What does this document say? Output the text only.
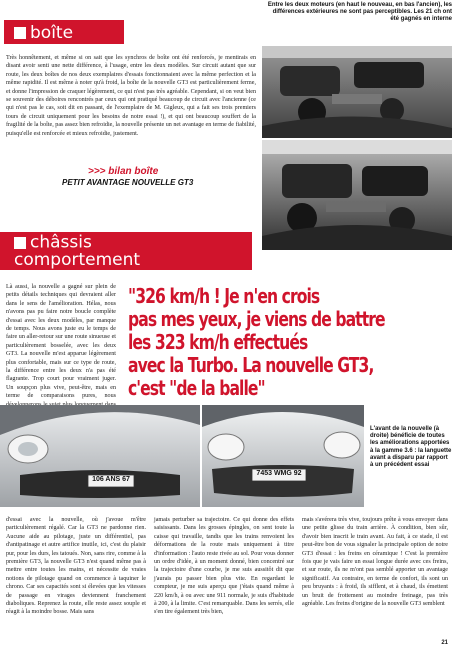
boîte
Très honnêtement, et même si on sait que les synchros de boîte ont été renforcés, je mentirais en disant avoir senti une nette différence, à l'usage, entre les deux modèles. Sur circuit autant que sur route, les deux boîtes de nos deux exemplaires d'essais fonctionnaient avec la même perfection et la même rapidité. Il est même à noter qu'à froid, la boîte de la nouvelle GT3 est particulièrement ferme, et donne l'impression de craquer légèrement, ce qui n'est pas très agréable. Cependant, si on veut bien se souvenir des déboires rencontrés par ceux qui ont pratiqué beaucoup de circuit avec l'ancienne (ce qui n'est pas le cas, soit dit en passant, de l'exemplaire de M. Gigleux, qui a fait ses trois premiers tours de circuit uniquement pour les besoins de notre essai !), et qui ont beaucoup souffert de la fragilité de la boîte, pas assez bien refroidie, la nouvelle présente un net avantage en terme de fiabilité, puisqu'elle est renforcée et mieux refroidie, justement.
>>> bilan boîte
PETIT AVANTAGE NOUVELLE GT3
Entre les deux moteurs (en haut le nouveau, en bas l'ancien), les différences extérieures ne sont pas perceptibles. Les 21 ch ont été gagnés en interne
châssis
comportement
Là aussi, la nouvelle a gagné sur plein de petits détails techniques qui devraient aller dans le sens de l'amélioration. Hélas, nous n'avons pas pu faire notre boucle complète d'essai avec les deux modèles, par manque de temps. Nous avons juste eu le temps de faire un aller-retour sur une route sinueuse et particulièrement bosselée, avec les deux GT3. La nouvelle m'est apparue légèrement plus confortable, mais sur ce type de route, la différence entre les deux n'a pas été flagrante. Trop court pour vraiment juger. Un soupçon plus vive, peut-être, mais en terme de comparaisons pures, nous
"326 km/h ! Je n'en crois
pas mes yeux, je viens de battre
les 323 km/h effectués
avec la Turbo. La nouvelle GT3,
c'est "de la balle"
106 ANS 67
7453 WMG 92
L'avant de la nouvelle (à droite) bénéficie de toutes les améliorations apportées à la gamme 3.6 : la languette avant a disparu par rapport à un précédent essai
d'essai avec la nouvelle, où j'avoue m'être particulièrement régalé. Car la GT3 ne pardonne rien. Aucune aide au pilotage, juste un différentiel, pas d'antipatinage et autre artifice inutile, ici, c'est du plaisir pur, pour les durs, les tatoués. Non, sans rire, comme à la première GT3, la nouvelle GT3 n'est quand même pas à mettre entre toutes les mains, et nécessite de vraies notions de pilotage quand on commence à taquiner le chrono. Car ses capacités sont si élevées que les vitesses de passage en virages deviennent franchement diaboliques. Reprenez la route, elle reste assez souple et réagit à la moindre bosse. Mais sans
jamais perturber sa trajectoire. Ce qui donne des effets saisissants. Dans les grosses épingles, on sent toute la caisse qui travaille, tandis que les trains renvoient les déformations de la route mais uniquement à titre d'information : l'auto reste rivée au sol. Pour vous donner un ordre d'idée, à un moment donné, bien concentré sur la trajectoire d'une courbe, je me suis aussitôt dit que j'aurais pu passer bien plus vite. En regardant le compteur, je me suis aperçu que j'étais quand même à 220 km/h, à ou avec une 911 normale, je suis d'habitude à 200, à la limite. C'est remarquable. Dans les serrés, elle s'en tire également très bien,
mais s'avérera très vive, toujours prête à vous envoyer dans une petite glisse du train arrière. À condition, bien sûr, d'avoir bien inscrit le train avant. Au fait, à ce stade, il est peut-être bon de vous signaler la principale option de notre GT3 d'essai : les freins en céramique ! C'est la première fois que je vais faire un essai longue durée avec ces freins, et sur route, ils ne m'ont pas semblé apporter un avantage significatif. Au contraire, en terme de confort, ils sont un peu bruyants : à froid, ils sifflent, et à chaud, ils émettent un bruit de frottement au moindre freinage, pas très agréable. Les freins d'origine de la nouvelle GT3 semblent
21
